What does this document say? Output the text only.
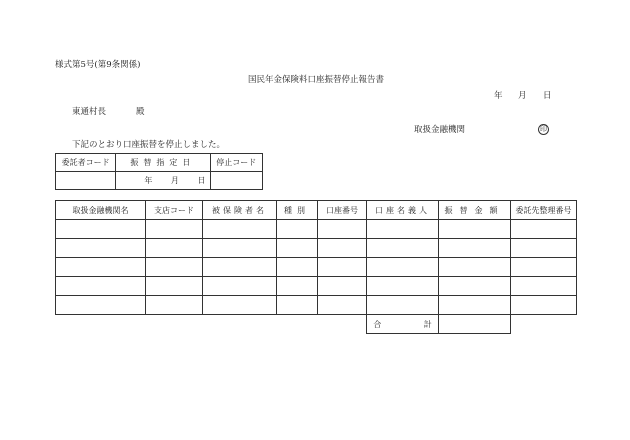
様式第5号(第9条関係)
国民年金保険料口座振替停止報告書
年 月 日
東通村長	殿
取扱金融機関	印
下記のとおり口座振替を停止しました。
委託者コード	振替指定日	停止コード
	年 月 日	
取扱金融機関名	支店コード	被保険者名	種別	口座番号	口座名義人	振替金額	委託先整理番号

					合 計		
